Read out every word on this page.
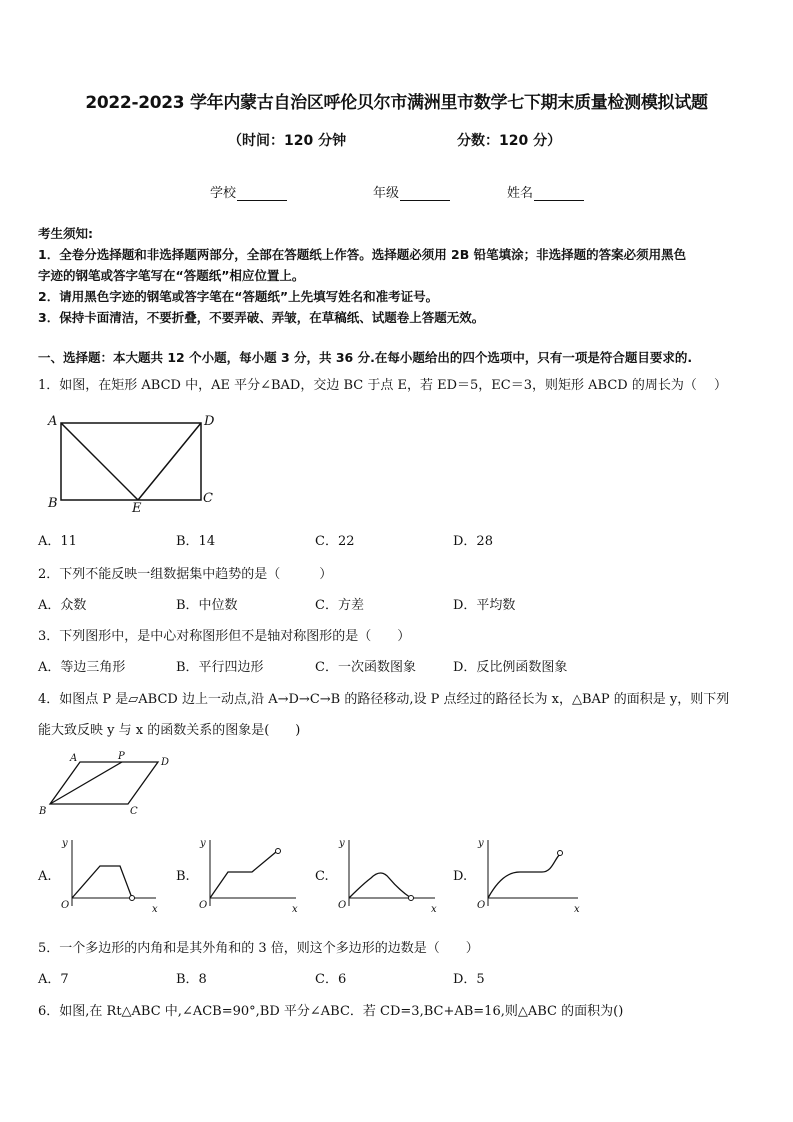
2022-2023 学年内蒙古自治区呼伦贝尔市满洲里市数学七下期末质量检测模拟试题
（时间：120 分钟	分数：120 分）
学校	年级	姓名
考生须知:
1．全卷分选择题和非选择题两部分，全部在答题纸上作答。选择题必须用 2B 铅笔填涂；非选择题的答案必须用黑色
字迹的钢笔或答字笔写在“答题纸”相应位置上。
2．请用黑色字迹的钢笔或答字笔在“答题纸”上先填写姓名和准考证号。
3．保持卡面清洁，不要折叠，不要弄破、弄皱，在草稿纸、试题卷上答题无效。
一、选择题：本大题共 12 个小题，每小题 3 分，共 36 分.在每小题给出的四个选项中，只有一项是符合题目要求的.
1．如图，在矩形 ABCD 中，AE 平分∠BAD，交边 BC 于点 E，若 ED＝5，EC＝3，则矩形 ABCD 的周长为（　 ）
A	D
B	C
E
A．11	B．14	C．22	D．28
2．下列不能反映一组数据集中趋势的是（　　　）
A．众数	B．中位数	C．方差	D．平均数
3．下列图形中，是中心对称图形但不是轴对称图形的是（　　）
A．等边三角形	B．平行四边形	C．一次函数图象	D．反比例函数图象
4．如图点 P 是▱ABCD 边上一动点,沿 A→D→C→B 的路径移动,设 P 点经过的路径长为 x，△BAP 的面积是 y，则下列
能大致反映 y 与 x 的函数关系的图象是(　　)
A	P
D
B	C
A.	B.	C.	D.
y
x
O
y
x
O
y
x
O
y
x
O
5．一个多边形的内角和是其外角和的 3 倍，则这个多边形的边数是（　　）
A．7	B．8	C．6	D．5
6．如图,在 Rt△ABC 中,∠ACB=90°,BD 平分∠ABC．若 CD=3,BC+AB=16,则△ABC 的面积为()
